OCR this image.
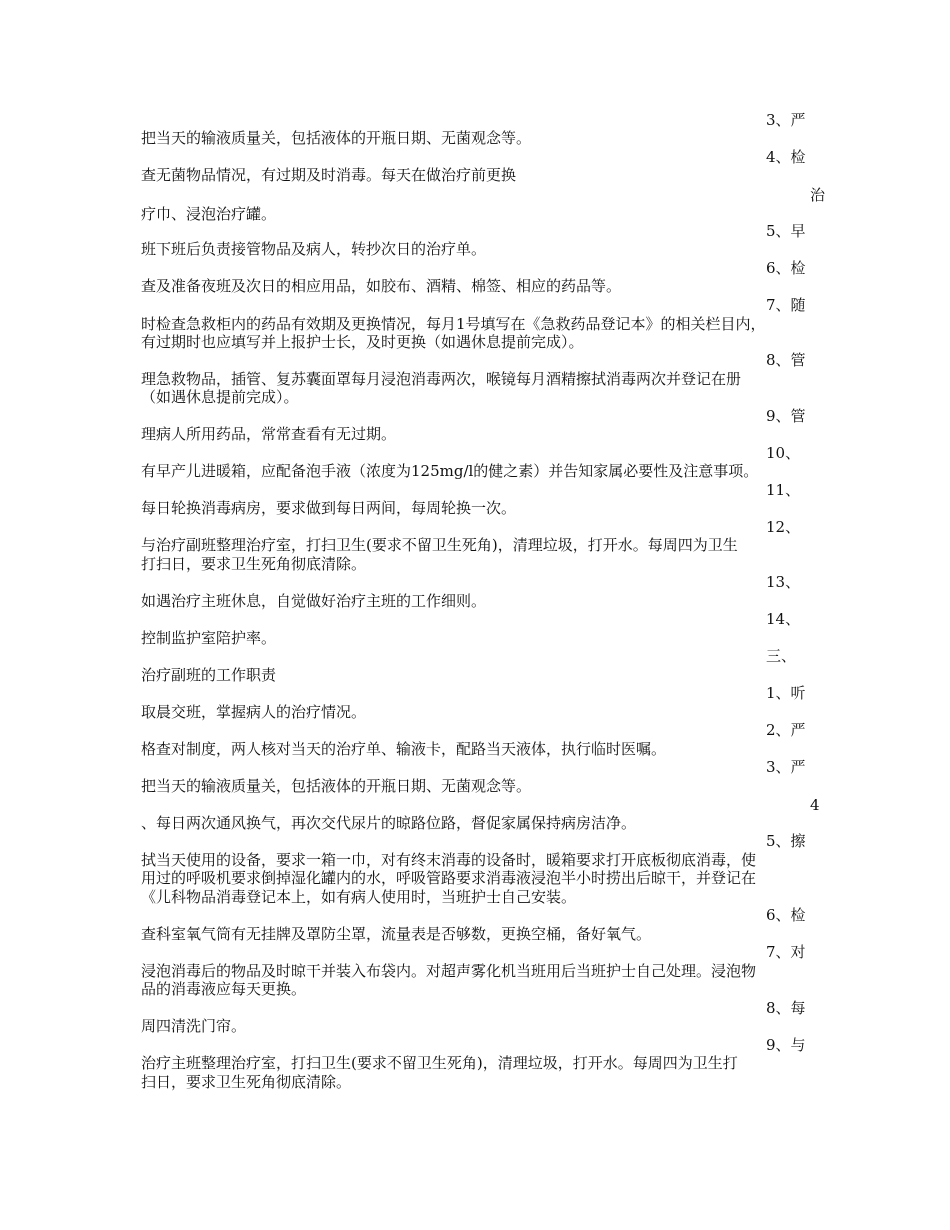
3、严
把当天的输液质量关，包括液体的开瓶日期、无菌观念等。
4、检
查无菌物品情况，有过期及时消毒。每天在做治疗前更换
治
疗巾、浸泡治疗罐。
5、早
班下班后负责接管物品及病人，转抄次日的治疗单。
6、检
查及准备夜班及次日的相应用品，如胶布、酒精、棉签、相应的药品等。
7、随
时检查急救柜内的药品有效期及更换情况，每月1号填写在《急救药品登记本》的相关栏目内，
有过期时也应填写并上报护士长，及时更换（如遇休息提前完成）。
8、管
理急救物品，插管、复苏囊面罩每月浸泡消毒两次，喉镜每月酒精擦拭消毒两次并登记在册
（如遇休息提前完成）。
9、管
理病人所用药品，常常查看有无过期。
10、
有早产儿进暖箱，应配备泡手液（浓度为125mg/l的健之素）并告知家属必要性及注意事项。
11、
每日轮换消毒病房，要求做到每日两间，每周轮换一次。
12、
与治疗副班整理治疗室，打扫卫生(要求不留卫生死角)，清理垃圾，打开水。每周四为卫生
打扫日，要求卫生死角彻底清除。
13、
如遇治疗主班休息，自觉做好治疗主班的工作细则。
14、
控制监护室陪护率。
三、
治疗副班的工作职责
1、听
取晨交班，掌握病人的治疗情况。
2、严
格查对制度，两人核对当天的治疗单、输液卡，配路当天液体，执行临时医嘱。
3、严
把当天的输液质量关，包括液体的开瓶日期、无菌观念等。
4
、每日两次通风换气，再次交代尿片的晾路位路，督促家属保持病房洁净。
5、擦
拭当天使用的设备，要求一箱一巾，对有终末消毒的设备时，暖箱要求打开底板彻底消毒，使
用过的呼吸机要求倒掉湿化罐内的水，呼吸管路要求消毒液浸泡半小时捞出后晾干，并登记在
《儿科物品消毒登记本上，如有病人使用时，当班护士自己安装。
6、检
查科室氧气筒有无挂牌及罩防尘罩，流量表是否够数，更换空桶，备好氧气。
7、对
浸泡消毒后的物品及时晾干并装入布袋内。对超声雾化机当班用后当班护士自己处理。浸泡物
品的消毒液应每天更换。
8、每
周四清洗门帘。
9、与
治疗主班整理治疗室，打扫卫生(要求不留卫生死角)，清理垃圾，打开水。每周四为卫生打
扫日，要求卫生死角彻底清除。
